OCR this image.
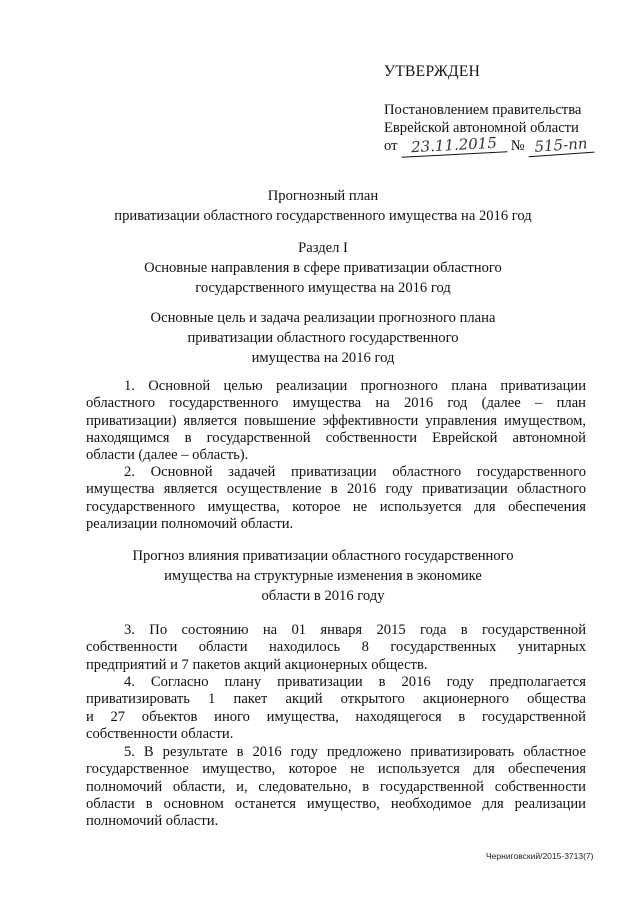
УТВЕРЖДЕН
Постановлением правительства
Еврейской автономной области
от 23.11.2015 № 515-пп
Прогнозный план
приватизации областного государственного имущества на 2016 год
Раздел I
Основные направления в сфере приватизации областного
государственного имущества на 2016 год
Основные цель и задача реализации прогнозного плана
приватизации областного государственного
имущества на 2016 год
1. Основной целью реализации прогнозного плана приватизации
областного государственного имущества на 2016 год (далее – план
приватизации) является повышение эффективности управления имуществом,
находящимся в государственной собственности Еврейской автономной
области (далее – область).
2. Основной задачей приватизации областного государственного
имущества является осуществление в 2016 году приватизации областного
государственного имущества, которое не используется для обеспечения
реализации полномочий области.
Прогноз влияния приватизации областного государственного
имущества на структурные изменения в экономике
области в 2016 году
3. По состоянию на 01 января 2015 года в государственной
собственности области находилось 8 государственных унитарных
предприятий и 7 пакетов акций акционерных обществ.
4. Согласно плану приватизации в 2016 году предполагается
приватизировать 1 пакет акций открытого акционерного общества
и 27 объектов иного имущества, находящегося в государственной
собственности области.
5. В результате в 2016 году предложено приватизировать областное
государственное имущество, которое не используется для обеспечения
полномочий области, и, следовательно, в государственной собственности
области в основном останется имущество, необходимое для реализации
полномочий области.
Черниговский/2015-3713(7)
